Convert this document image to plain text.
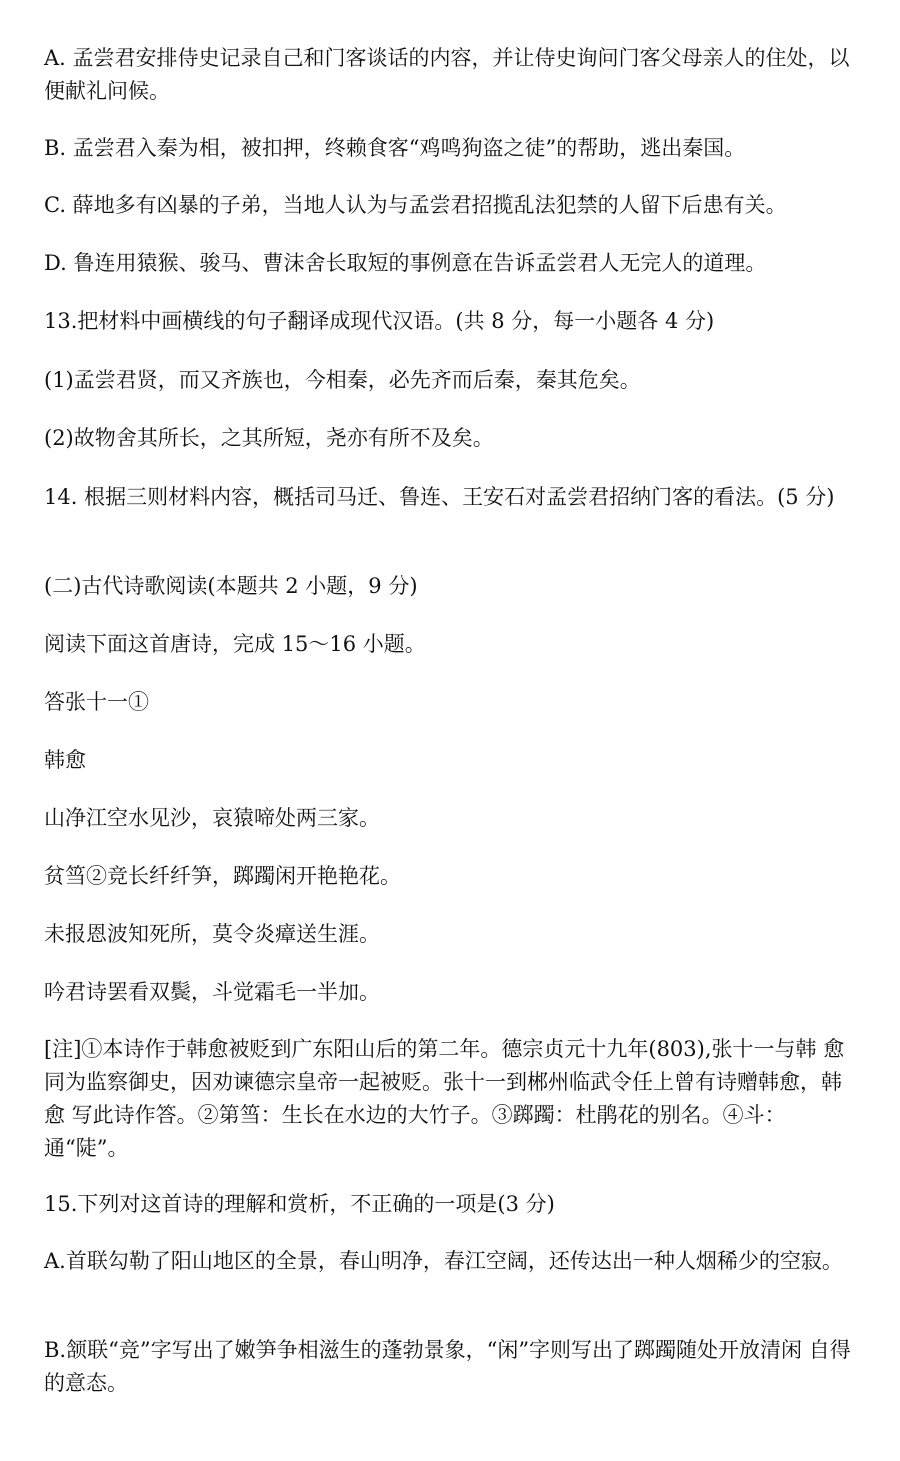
A. 孟尝君安排侍史记录自己和门客谈话的内容，并让侍史询问门客父母亲人的住处，以 便献礼问候。

B. 孟尝君入秦为相，被扣押，终赖食客“鸡鸣狗盗之徒”的帮助，逃出秦国。

C. 薛地多有凶暴的子弟，当地人认为与孟尝君招揽乱法犯禁的人留下后患有关。

D. 鲁连用猿猴、骏马、曹沫舍长取短的事例意在告诉孟尝君人无完人的道理。

13.把材料中画横线的句子翻译成现代汉语。(共 8 分，每一小题各 4 分)

(1)孟尝君贤，而又齐族也，今相秦，必先齐而后秦，秦其危矣。

(2)故物舍其所长，之其所短，尧亦有所不及矣。

14. 根据三则材料内容，概括司马迁、鲁连、王安石对孟尝君招纳门客的看法。(5 分)

(二)古代诗歌阅读(本题共 2 小题，9 分)

阅读下面这首唐诗，完成 15～16 小题。

答张十一①

韩愈

山净江空水见沙，哀猿啼处两三家。

贫筜②竞长纤纤笋，踯躅闲开艳艳花。

未报恩波知死所，莫令炎瘴送生涯。

吟君诗罢看双鬓，斗觉霜毛一半加。

[注]①本诗作于韩愈被贬到广东阳山后的第二年。德宗贞元十九年(803),张十一与韩 愈同为监察御史，因劝谏德宗皇帝一起被贬。张十一到郴州临武令任上曾有诗赠韩愈，韩愈 写此诗作答。②第筜：生长在水边的大竹子。③踯躅：杜鹃花的别名。④斗：通“陡”。

15.下列对这首诗的理解和赏析，不正确的一项是(3 分)

A.首联勾勒了阳山地区的全景，春山明净，春江空阔，还传达出一种人烟稀少的空寂。

B.颔联“竞”字写出了嫩笋争相滋生的蓬勃景象，“闲”字则写出了踯躅随处开放清闲 自得的意态。
